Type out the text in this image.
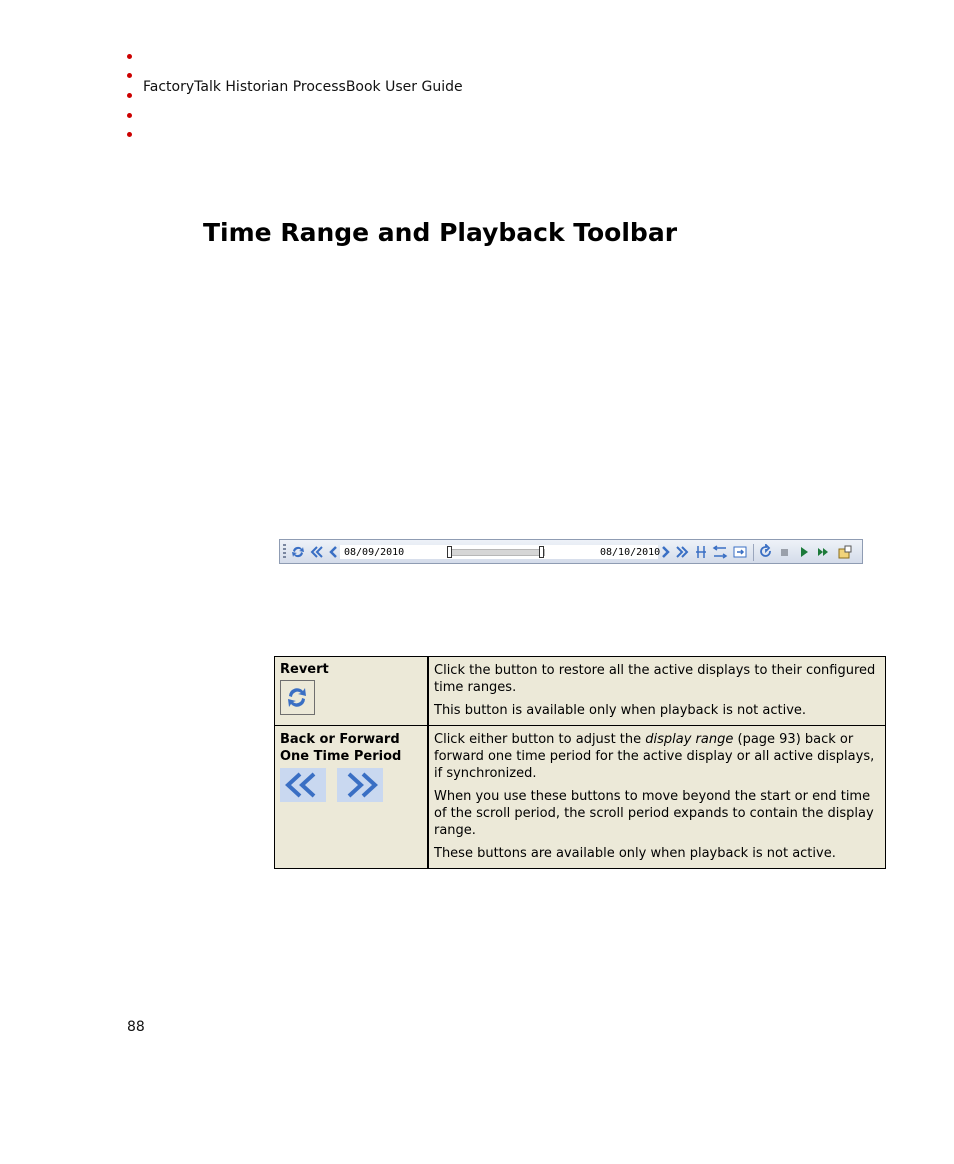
FactoryTalk Historian ProcessBook User Guide
Time Range and Playback Toolbar
08/09/2010	08/10/2010
Revert	Click the button to restore all the active displays to their configured time ranges.

This button is available only when playback is not active.

Back or Forward One Time Period	Click either button to adjust the display range (page 93) back or forward one time period for the active display or all active displays, if synchronized.

When you use these buttons to move beyond the start or end time of the scroll period, the scroll period expands to contain the display range.

These buttons are available only when playback is not active.

88
